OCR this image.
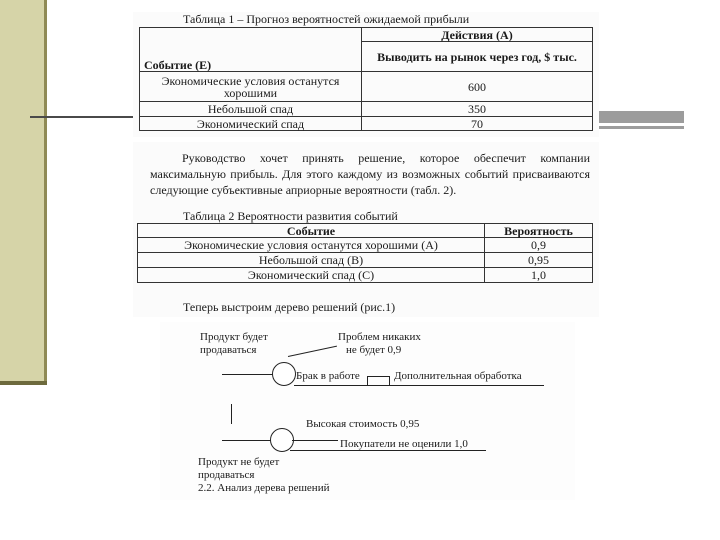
Таблица 1 – Прогноз вероятностей ожидаемой прибыли
	Действия (А)
Событие (Е)	Выводить на рынок через год, $ тыс.
Экономические условия останутся хорошими	600
Небольшой спад	350
Экономический спад	70
Руководство хочет принять решение, которое обеспечит компании максимальную прибыль. Для этого каждому из возможных событий присваиваются следующие субъективные априорные вероятности (табл. 2).
Таблица 2 Вероятности развития событий
Событие	Вероятность
Экономические условия останутся хорошими (А)	0,9
Небольшой спад (В)	0,95
Экономический спад (С)	1,0
Теперь выстроим дерево решений (рис.1)
Продукт будет
продаваться
Проблем никаких
не будет 0,9
Брак в работе	Дополнительная обработка
Высокая стоимость 0,95
Покупатели не оценили 1,0
Продукт не будет
продаваться
2.2. Анализ дерева решений
